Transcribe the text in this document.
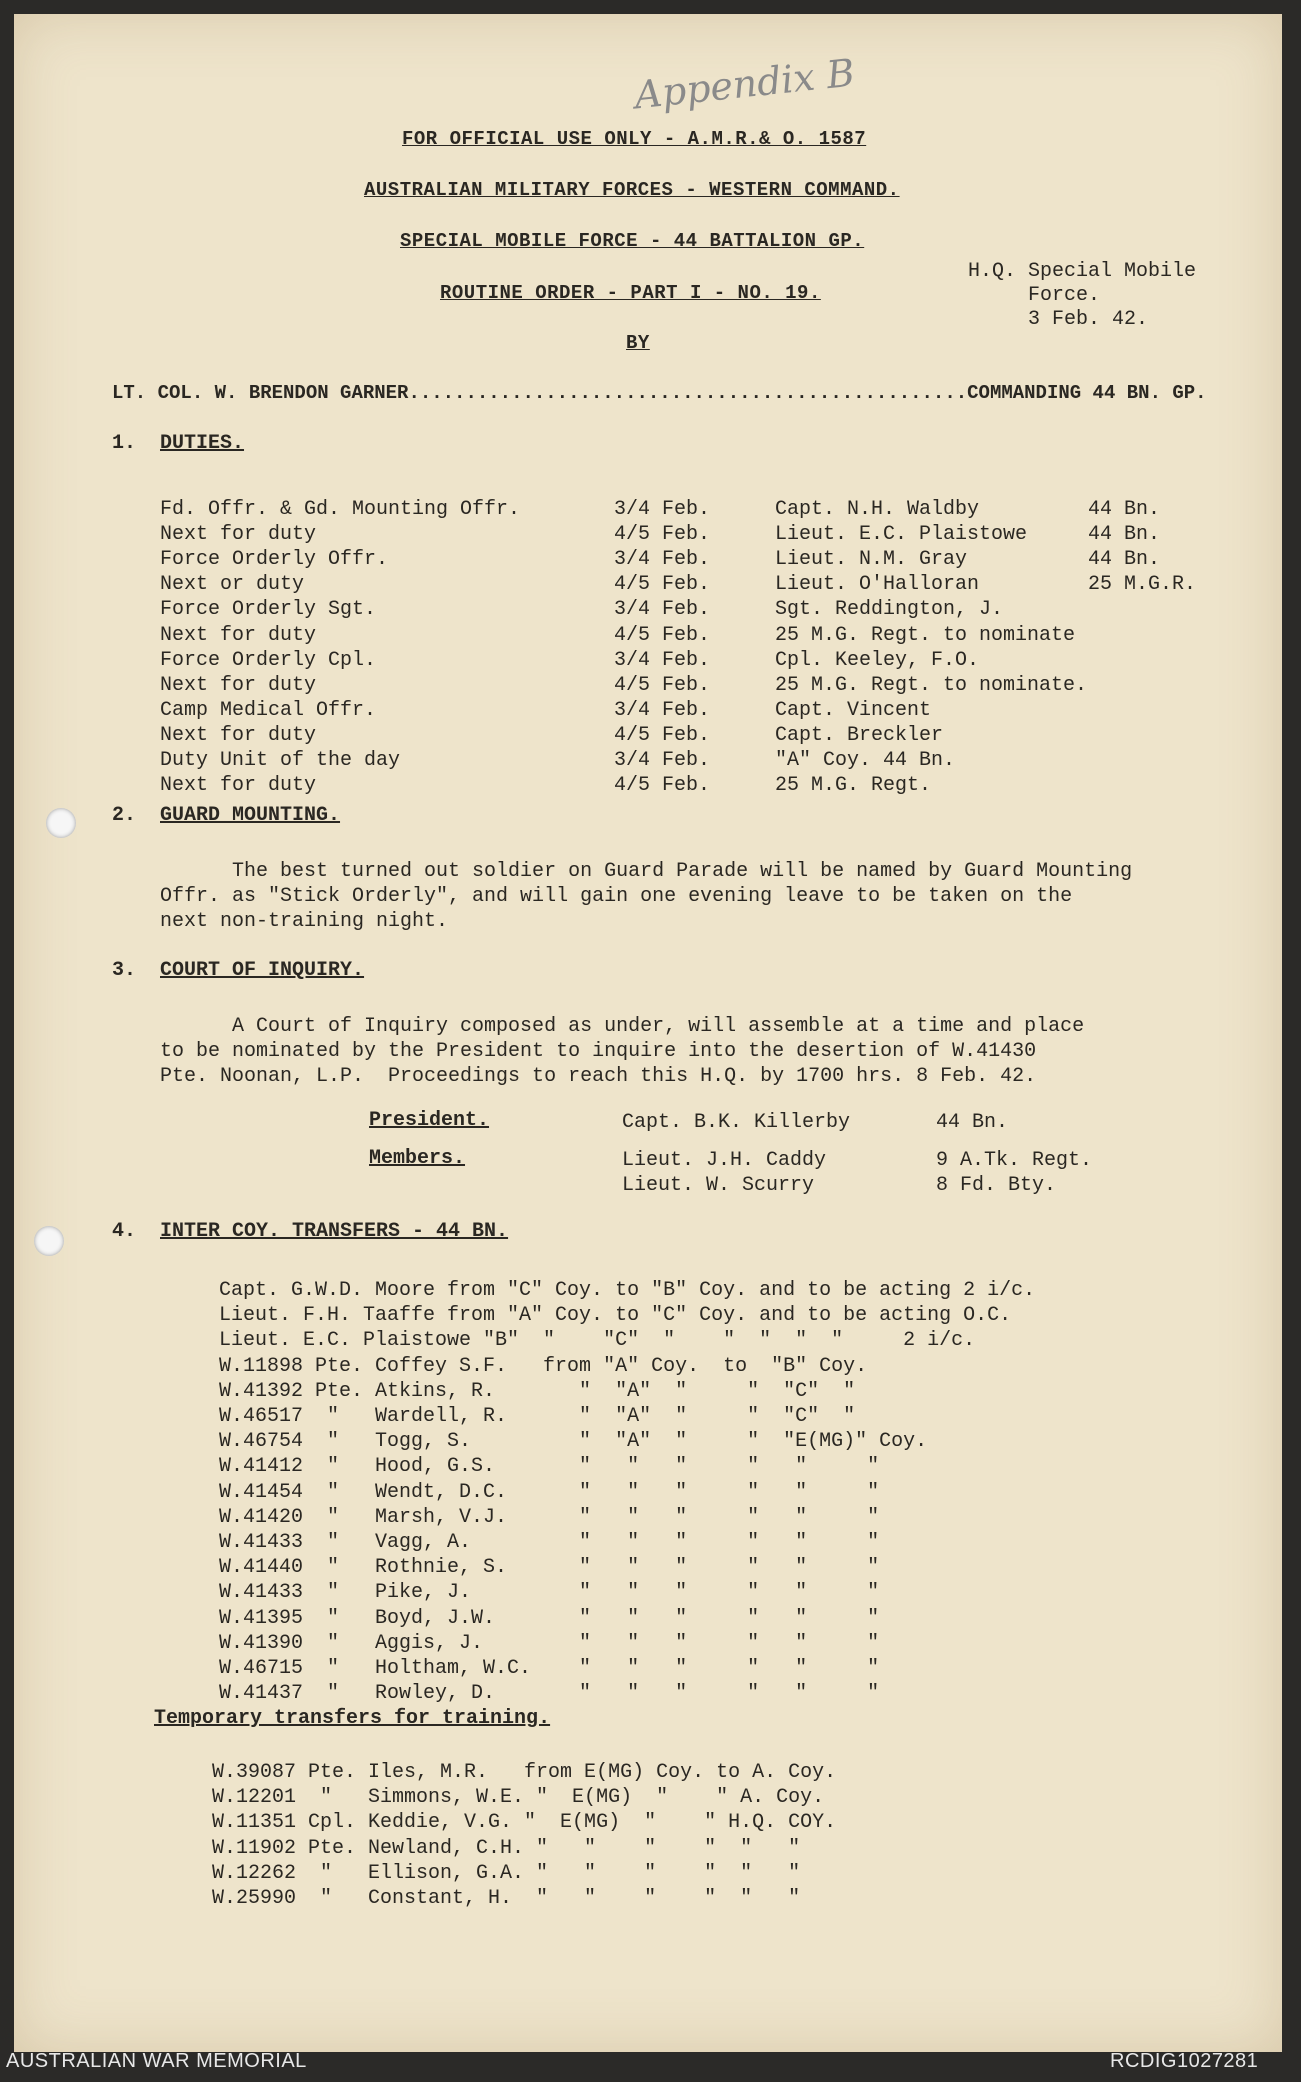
Appendix B
FOR OFFICIAL USE ONLY - A.M.R.& O. 1587
AUSTRALIAN MILITARY FORCES - WESTERN COMMAND.
SPECIAL MOBILE FORCE - 44 BATTALION GP.
ROUTINE ORDER - PART I - NO. 19.
BY
H.Q. Special Mobile
Force.
3 Feb. 42.
LT. COL. W. BRENDON GARNER.................................................COMMANDING 44 BN. GP.
1. DUTIES.
2. GUARD MOUNTING.
The best turned out soldier on Guard Parade will be named by Guard Mounting
Offr. as "Stick Orderly", and will gain one evening leave to be taken on the
next non-training night.
3. COURT OF INQUIRY.
A Court of Inquiry composed as under, will assemble at a time and place
to be nominated by the President to inquire into the desertion of W.41430
Pte. Noonan, L.P.  Proceedings to reach this H.Q. by 1700 hrs. 8 Feb. 42.
President.	Capt. B.K. Killerby	44 Bn.
Members.	Lieut. J.H. Caddy	9 A.Tk. Regt.
Lieut. W. Scurry	8 Fd. Bty.
4. INTER COY. TRANSFERS - 44 BN.
Temporary transfers for training.
Fd. Offr. & Gd. Mounting Offr.	3/4 Feb.	Capt. N.H. Waldby	44 Bn.
Next for duty	4/5 Feb.	Lieut. E.C. Plaistowe	44 Bn.
Force Orderly Offr.	3/4 Feb.	Lieut. N.M. Gray	44 Bn.
Next or duty	4/5 Feb.	Lieut. O'Halloran	25 M.G.R.
Force Orderly Sgt.	3/4 Feb.	Sgt. Reddington, J.
Next for duty	4/5 Feb.	25 M.G. Regt. to nominate
Force Orderly Cpl.	3/4 Feb.	Cpl. Keeley, F.O.
Next for duty	4/5 Feb.	25 M.G. Regt. to nominate.
Camp Medical Offr.	3/4 Feb.	Capt. Vincent
Next for duty	4/5 Feb.	Capt. Breckler
Duty Unit of the day	3/4 Feb.	"A" Coy. 44 Bn.
Next for duty	4/5 Feb.	25 M.G. Regt.
Capt. G.W.D. Moore from "C" Coy. to "B" Coy. and to be acting 2 i/c.
Lieut. F.H. Taaffe from "A" Coy. to "C" Coy. and to be acting O.C.
Lieut. E.C. Plaistowe "B"  "    "C"  "    "  "  "  "     2 i/c.
W.11898 Pte. Coffey S.F.   from "A" Coy.  to  "B" Coy.
W.41392 Pte. Atkins, R.       "  "A"  "     "  "C"  "
W.46517  "   Wardell, R.      "  "A"  "     "  "C"  "
W.46754  "   Togg, S.         "  "A"  "     "  "E(MG)" Coy.
W.41412  "   Hood, G.S.       "   "   "     "   "     "
W.41454  "   Wendt, D.C.      "   "   "     "   "     "
W.41420  "   Marsh, V.J.      "   "   "     "   "     "
W.41433  "   Vagg, A.         "   "   "     "   "     "
W.41440  "   Rothnie, S.      "   "   "     "   "     "
W.41433  "   Pike, J.         "   "   "     "   "     "
W.41395  "   Boyd, J.W.       "   "   "     "   "     "
W.41390  "   Aggis, J.        "   "   "     "   "     "
W.46715  "   Holtham, W.C.    "   "   "     "   "     "
W.41437  "   Rowley, D.       "   "   "     "   "     "
W.39087 Pte. Iles, M.R.   from E(MG) Coy. to A. Coy.
W.12201  "   Simmons, W.E. "  E(MG)  "    " A. Coy.
W.11351 Cpl. Keddie, V.G. "  E(MG)  "    " H.Q. COY.
W.11902 Pte. Newland, C.H. "   "    "    "  "   "
W.12262  "   Ellison, G.A. "   "    "    "  "   "
W.25990  "   Constant, H.  "   "    "    "  "   "
AUSTRALIAN WAR MEMORIAL	RCDIG1027281
